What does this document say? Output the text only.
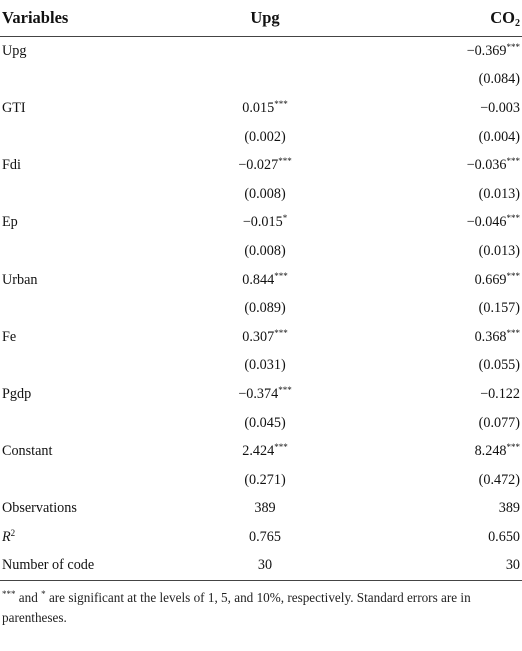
Variables	Upg	$CO_2$
Upg		−0.369***
		(0.084)
GTI	0.015***	−0.003
	(0.002)	(0.004)
Fdi	−0.027***	−0.036***
	(0.008)	(0.013)
Ep	−0.015*	−0.046***
	(0.008)	(0.013)
Urban	0.844***	0.669***
	(0.089)	(0.157)
Fe	0.307***	0.368***
	(0.031)	(0.055)
Pgdp	−0.374***	−0.122
	(0.045)	(0.077)
Constant	2.424***	8.248***
	(0.271)	(0.472)
Observations	389	389
$R^2$	0.765	0.650
Number of code	30	30
*** and * are significant at the levels of 1, 5, and 10%, respectively. Standard errors are in parentheses.
